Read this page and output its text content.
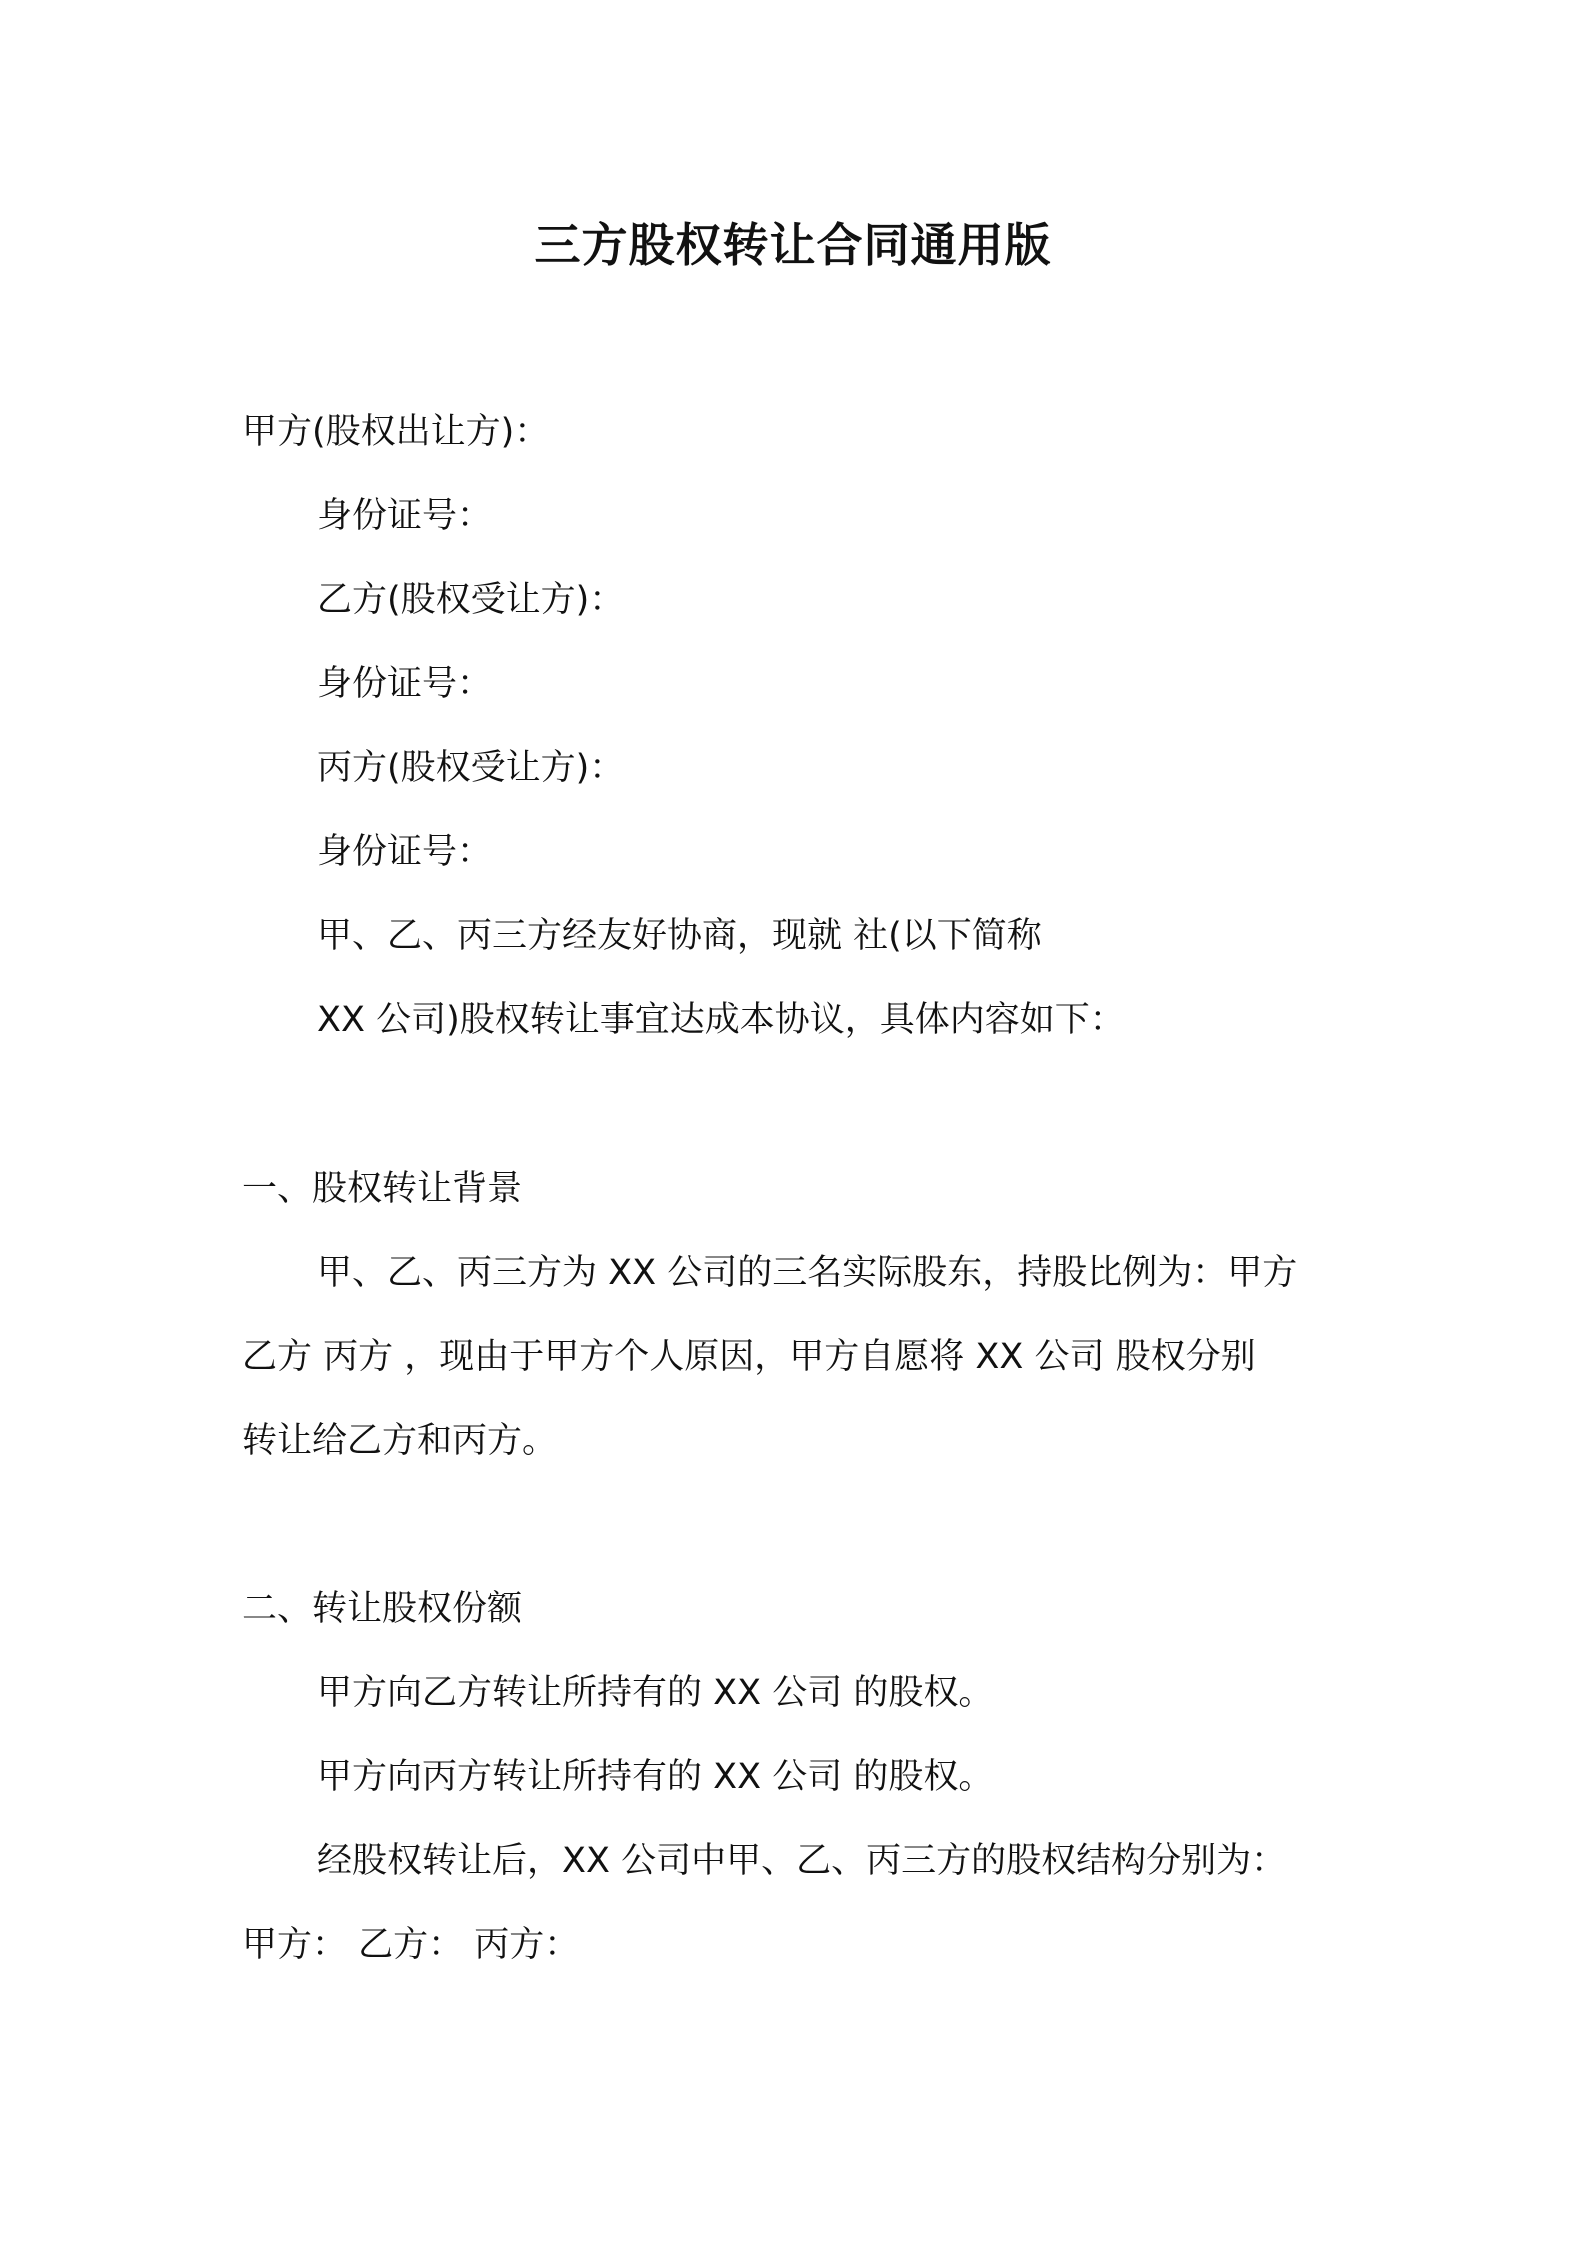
三方股权转让合同通用版
甲方(股权出让方)：
身份证号：
乙方(股权受让方)：
身份证号：
丙方(股权受让方)：
身份证号：
甲、乙、丙三方经友好协商，现就 社(以下简称
XX 公司)股权转让事宜达成本协议，具体内容如下：
一、股权转让背景
甲、乙、丙三方为 XX 公司的三名实际股东，持股比例为：甲方
乙方 丙方 ，现由于甲方个人原因，甲方自愿将 XX 公司 股权分别
转让给乙方和丙方。
二、转让股权份额
甲方向乙方转让所持有的 XX 公司 的股权。
甲方向丙方转让所持有的 XX 公司 的股权。
经股权转让后，XX 公司中甲、乙、丙三方的股权结构分别为：
甲方： 乙方： 丙方：
